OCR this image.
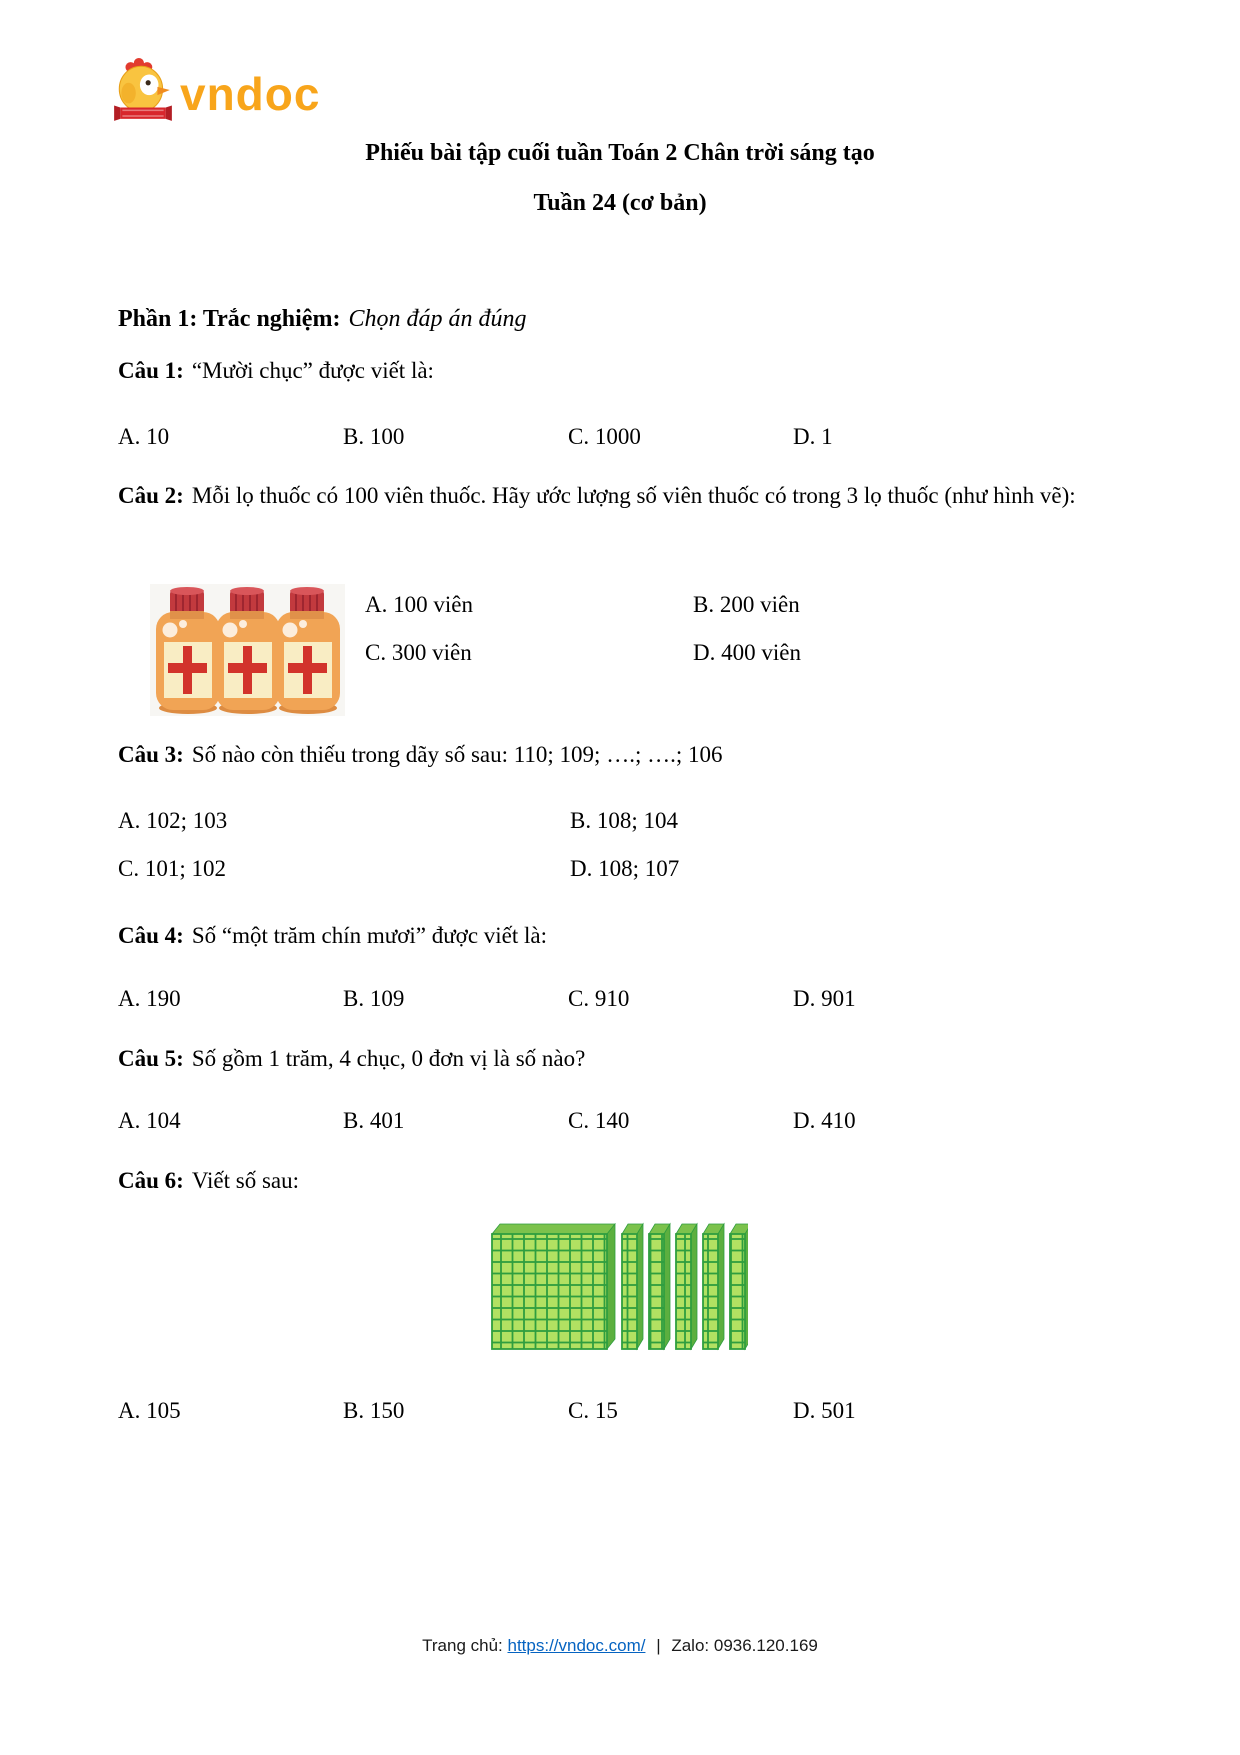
vndoc
Phiếu bài tập cuối tuần Toán 2 Chân trời sáng tạo
Tuần 24 (cơ bản)
Phần 1: Trắc nghiệm: Chọn đáp án đúng
Câu 1: “Mười chục” được viết là:
A. 10	B. 100	C. 1000	D. 1
Câu 2: Mỗi lọ thuốc có 100 viên thuốc. Hãy ước lượng số viên thuốc có trong 3 lọ thuốc (như hình vẽ):
A. 100 viên	B. 200 viên
C. 300 viên	D. 400 viên
Câu 3: Số nào còn thiếu trong dãy số sau: 110; 109; ….; ….; 106
A. 102; 103	B. 108; 104
C. 101; 102	D. 108; 107
Câu 4: Số “một trăm chín mươi” được viết là:
A. 190	B. 109	C. 910	D. 901
Câu 5: Số gồm 1 trăm, 4 chục, 0 đơn vị là số nào?
A. 104	B. 401	C. 140	D. 410
Câu 6: Viết số sau:
A. 105	B. 150	C. 15	D. 501
Trang chủ: https://vndoc.com/ | Zalo: 0936.120.169
